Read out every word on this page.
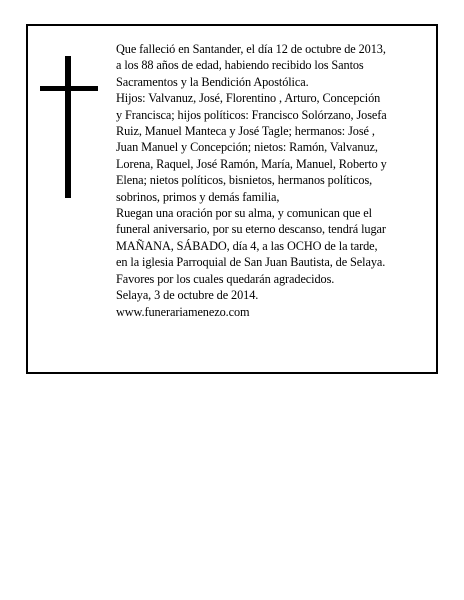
Que falleció en Santander, el día 12 de octubre de 2013,
a los 88 años de edad, habiendo recibido los Santos
Sacramentos y la Bendición Apostólica.
Hijos: Valvanuz, José, Florentino , Arturo, Concepción
y Francisca; hijos políticos: Francisco Solórzano, Josefa
Ruiz, Manuel Manteca y José Tagle; hermanos: José ,
Juan Manuel y Concepción; nietos: Ramón, Valvanuz,
Lorena, Raquel, José Ramón, María, Manuel, Roberto y
Elena; nietos políticos, bisnietos, hermanos políticos,
sobrinos, primos y demás familia,
Ruegan una oración por su alma, y comunican que el
funeral aniversario, por su eterno descanso, tendrá lugar
MAÑANA, SÁBADO, día 4, a las OCHO de la tarde,
en la iglesia Parroquial de San Juan Bautista, de Selaya.
Favores por los cuales quedarán agradecidos.
Selaya, 3 de octubre de 2014.
www.funerariamenezo.com
